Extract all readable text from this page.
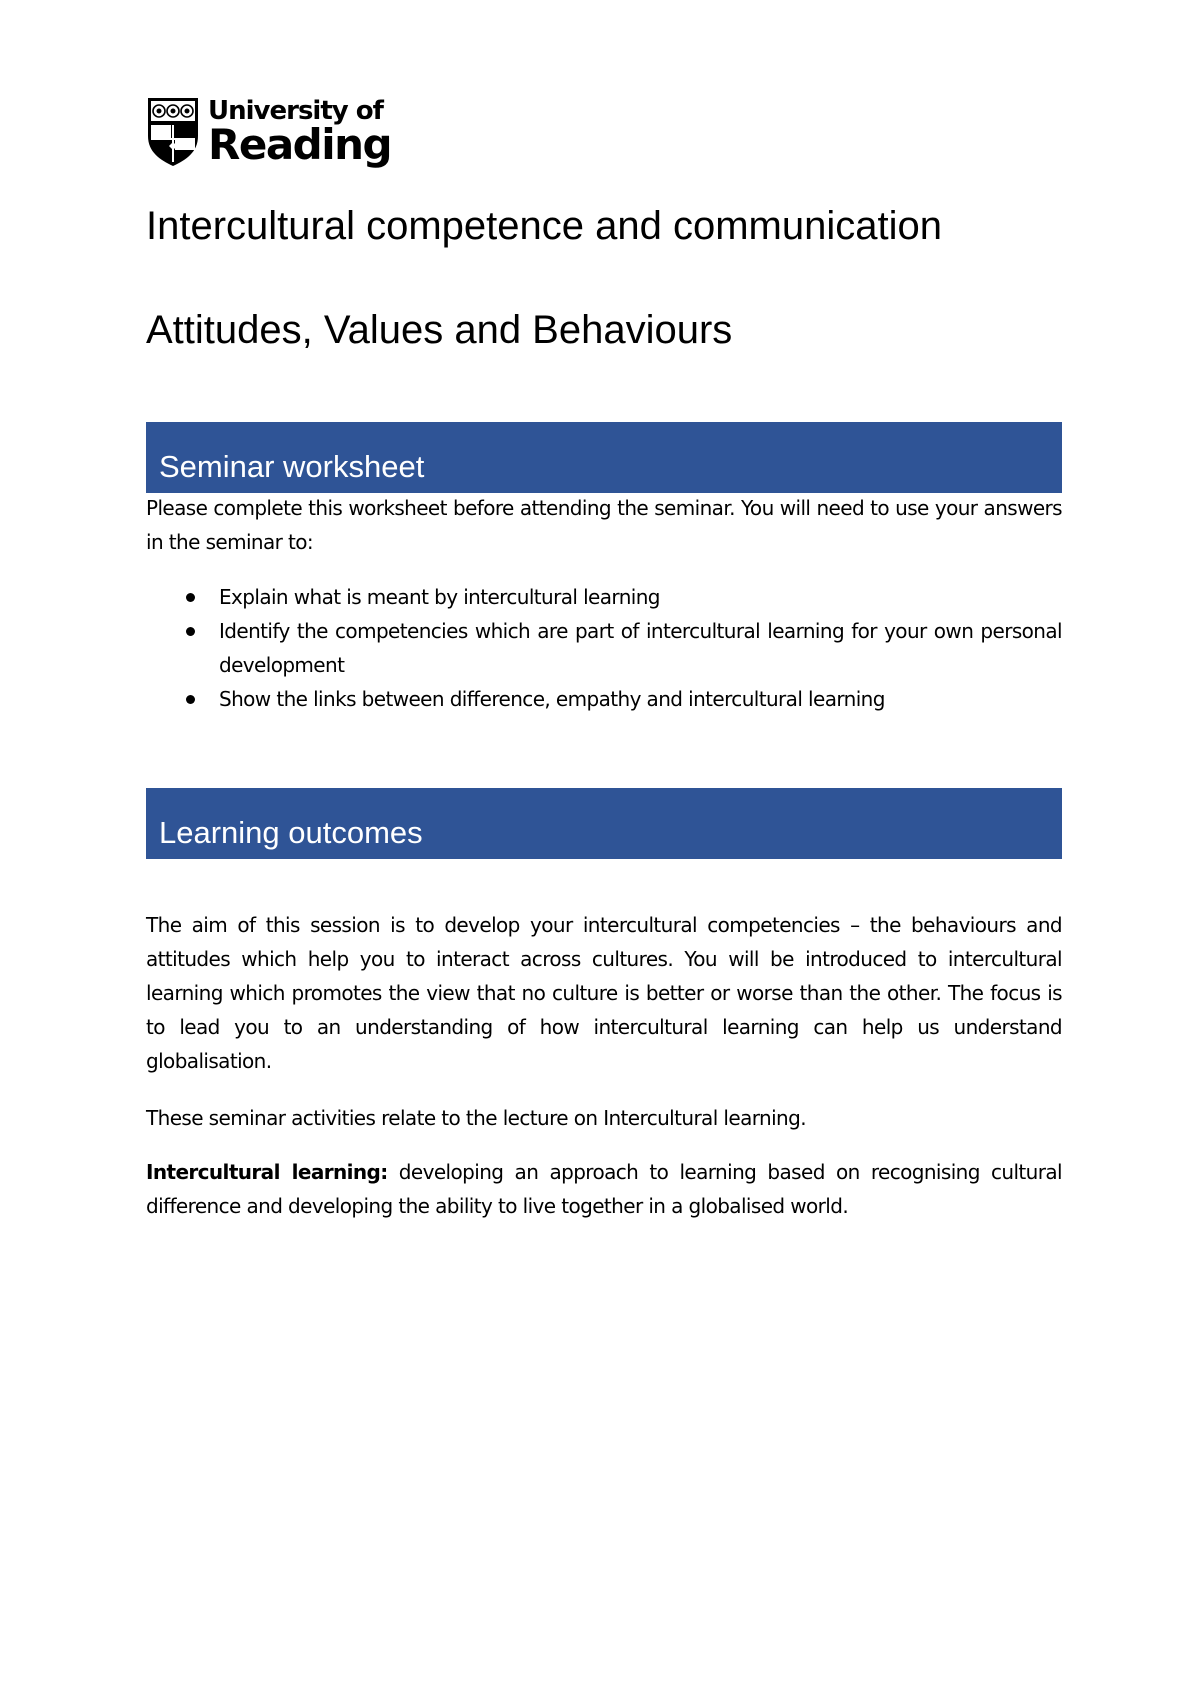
University of
Reading
Intercultural competence and communication
Attitudes, Values and Behaviours
Seminar worksheet

Please complete this worksheet before attending the seminar. You will need to use your answers in the seminar to:

Explain what is meant by intercultural learning
Identify the competencies which are part of intercultural learning for your own personal development
Show the links between difference, empathy and intercultural learning
Learning outcomes

The aim of this session is to develop your intercultural competencies – the behaviours and attitudes which help you to interact across cultures. You will be introduced to intercultural learning which promotes the view that no culture is better or worse than the other. The focus is to lead you to an understanding of how intercultural learning can help us understand globalisation.

These seminar activities relate to the lecture on Intercultural learning.

Intercultural learning: developing an approach to learning based on recognising cultural difference and developing the ability to live together in a globalised world.
